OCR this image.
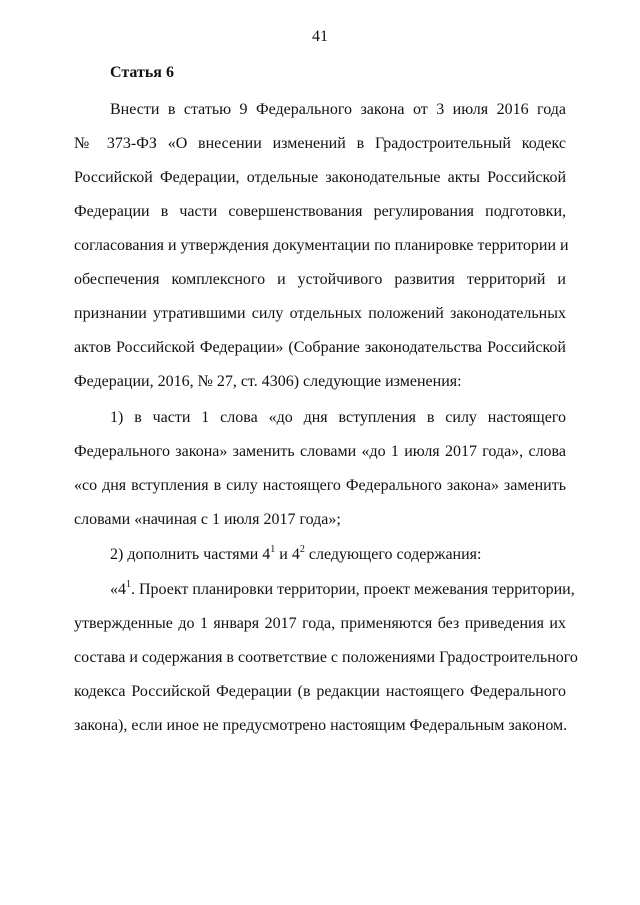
41
Статья 6
Внести в статью 9 Федерального закона от 3 июля 2016 года
№ 373-ФЗ «О внесении изменений в Градостроительный кодекс
Российской Федерации, отдельные законодательные акты Российской
Федерации в части совершенствования регулирования подготовки,
согласования и утверждения документации по планировке территории и
обеспечения комплексного и устойчивого развития территорий и
признании утратившими силу отдельных положений законодательных
актов Российской Федерации» (Собрание законодательства Российской
Федерации, 2016, № 27, ст. 4306) следующие изменения:
1) в части 1 слова «до дня вступления в силу настоящего
Федерального закона» заменить словами «до 1 июля 2017 года», слова
«со дня вступления в силу настоящего Федерального закона» заменить
словами «начиная с 1 июля 2017 года»;
2) дополнить частями $4^1$ и $4^2$ следующего содержания:
«$4^1$. Проект планировки территории, проект межевания территории,
утвержденные до 1 января 2017 года, применяются без приведения их
состава и содержания в соответствие с положениями Градостроительного
кодекса Российской Федерации (в редакции настоящего Федерального
закона), если иное не предусмотрено настоящим Федеральным законом.
